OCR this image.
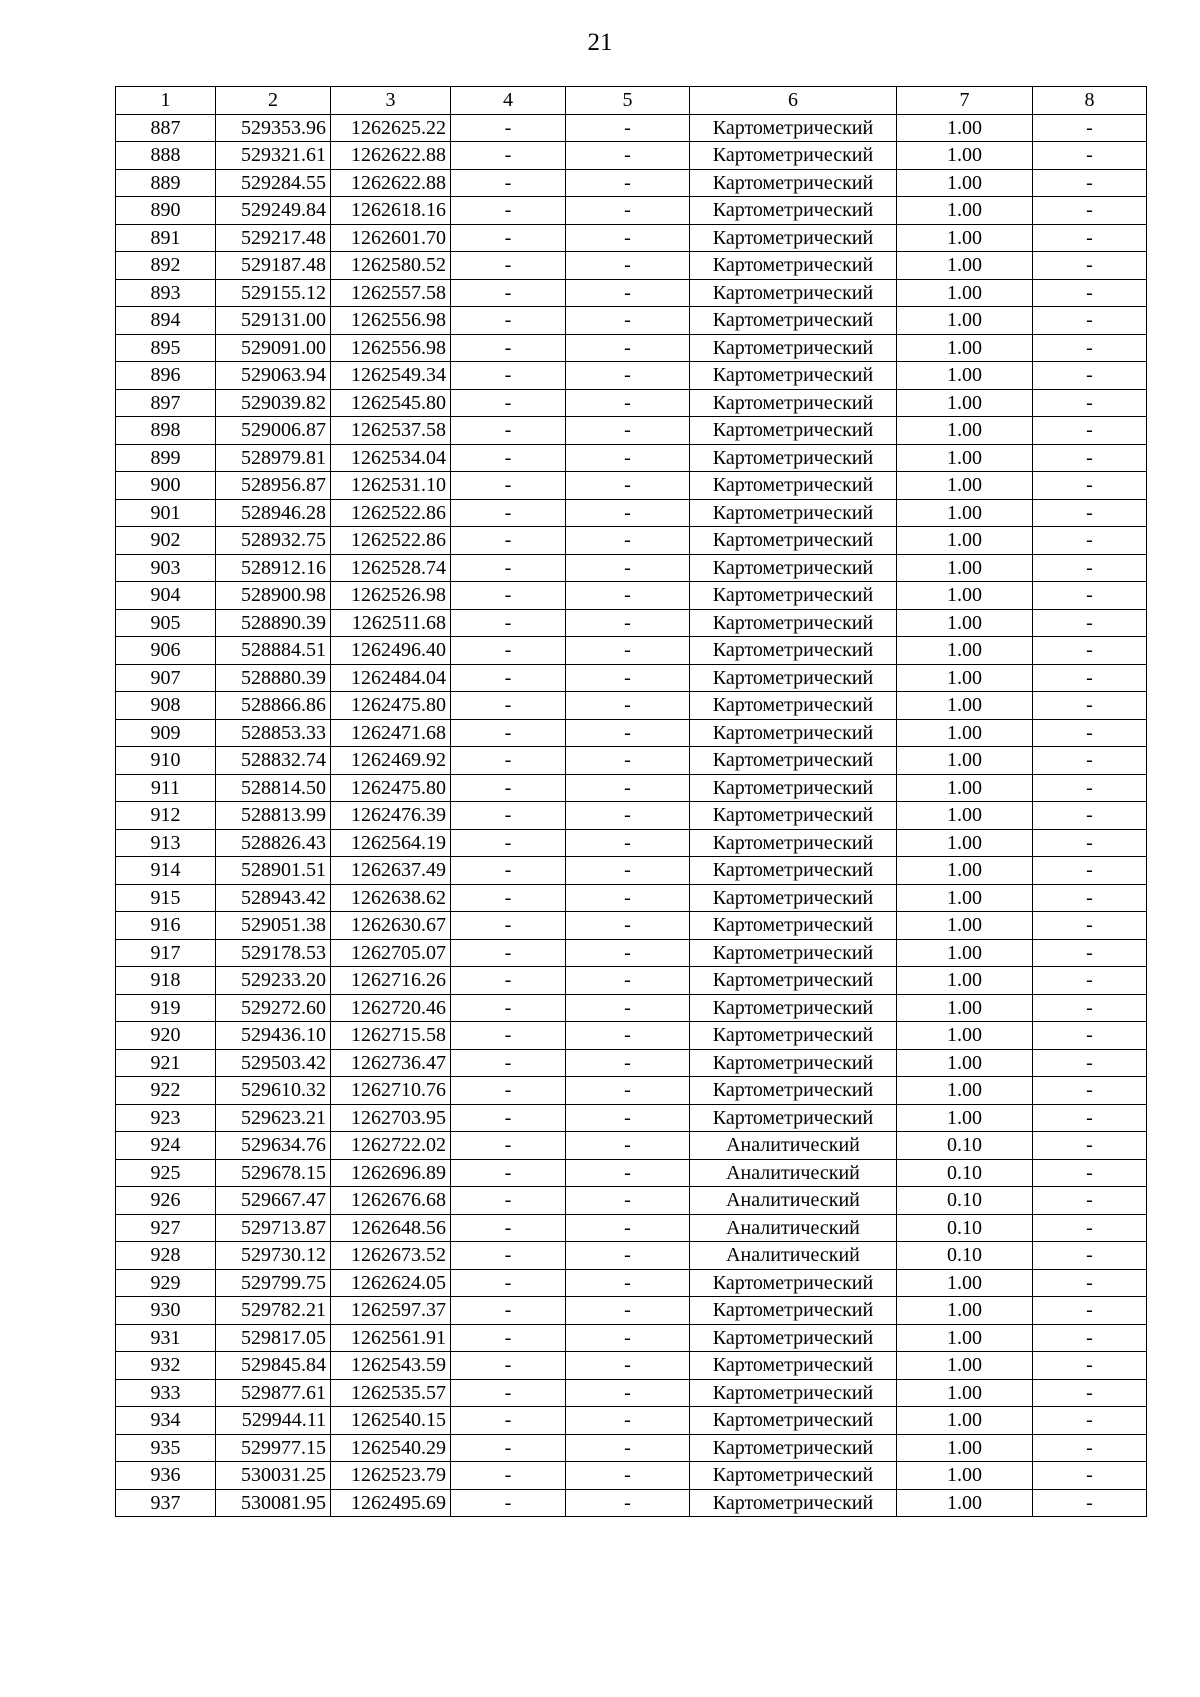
21
1	2	3	4	5	6	7	8
887	529353.96	1262625.22	-	-	Картометрический	1.00	-
888	529321.61	1262622.88	-	-	Картометрический	1.00	-
889	529284.55	1262622.88	-	-	Картометрический	1.00	-
890	529249.84	1262618.16	-	-	Картометрический	1.00	-
891	529217.48	1262601.70	-	-	Картометрический	1.00	-
892	529187.48	1262580.52	-	-	Картометрический	1.00	-
893	529155.12	1262557.58	-	-	Картометрический	1.00	-
894	529131.00	1262556.98	-	-	Картометрический	1.00	-
895	529091.00	1262556.98	-	-	Картометрический	1.00	-
896	529063.94	1262549.34	-	-	Картометрический	1.00	-
897	529039.82	1262545.80	-	-	Картометрический	1.00	-
898	529006.87	1262537.58	-	-	Картометрический	1.00	-
899	528979.81	1262534.04	-	-	Картометрический	1.00	-
900	528956.87	1262531.10	-	-	Картометрический	1.00	-
901	528946.28	1262522.86	-	-	Картометрический	1.00	-
902	528932.75	1262522.86	-	-	Картометрический	1.00	-
903	528912.16	1262528.74	-	-	Картометрический	1.00	-
904	528900.98	1262526.98	-	-	Картометрический	1.00	-
905	528890.39	1262511.68	-	-	Картометрический	1.00	-
906	528884.51	1262496.40	-	-	Картометрический	1.00	-
907	528880.39	1262484.04	-	-	Картометрический	1.00	-
908	528866.86	1262475.80	-	-	Картометрический	1.00	-
909	528853.33	1262471.68	-	-	Картометрический	1.00	-
910	528832.74	1262469.92	-	-	Картометрический	1.00	-
911	528814.50	1262475.80	-	-	Картометрический	1.00	-
912	528813.99	1262476.39	-	-	Картометрический	1.00	-
913	528826.43	1262564.19	-	-	Картометрический	1.00	-
914	528901.51	1262637.49	-	-	Картометрический	1.00	-
915	528943.42	1262638.62	-	-	Картометрический	1.00	-
916	529051.38	1262630.67	-	-	Картометрический	1.00	-
917	529178.53	1262705.07	-	-	Картометрический	1.00	-
918	529233.20	1262716.26	-	-	Картометрический	1.00	-
919	529272.60	1262720.46	-	-	Картометрический	1.00	-
920	529436.10	1262715.58	-	-	Картометрический	1.00	-
921	529503.42	1262736.47	-	-	Картометрический	1.00	-
922	529610.32	1262710.76	-	-	Картометрический	1.00	-
923	529623.21	1262703.95	-	-	Картометрический	1.00	-
924	529634.76	1262722.02	-	-	Аналитический	0.10	-
925	529678.15	1262696.89	-	-	Аналитический	0.10	-
926	529667.47	1262676.68	-	-	Аналитический	0.10	-
927	529713.87	1262648.56	-	-	Аналитический	0.10	-
928	529730.12	1262673.52	-	-	Аналитический	0.10	-
929	529799.75	1262624.05	-	-	Картометрический	1.00	-
930	529782.21	1262597.37	-	-	Картометрический	1.00	-
931	529817.05	1262561.91	-	-	Картометрический	1.00	-
932	529845.84	1262543.59	-	-	Картометрический	1.00	-
933	529877.61	1262535.57	-	-	Картометрический	1.00	-
934	529944.11	1262540.15	-	-	Картометрический	1.00	-
935	529977.15	1262540.29	-	-	Картометрический	1.00	-
936	530031.25	1262523.79	-	-	Картометрический	1.00	-
937	530081.95	1262495.69	-	-	Картометрический	1.00	-
